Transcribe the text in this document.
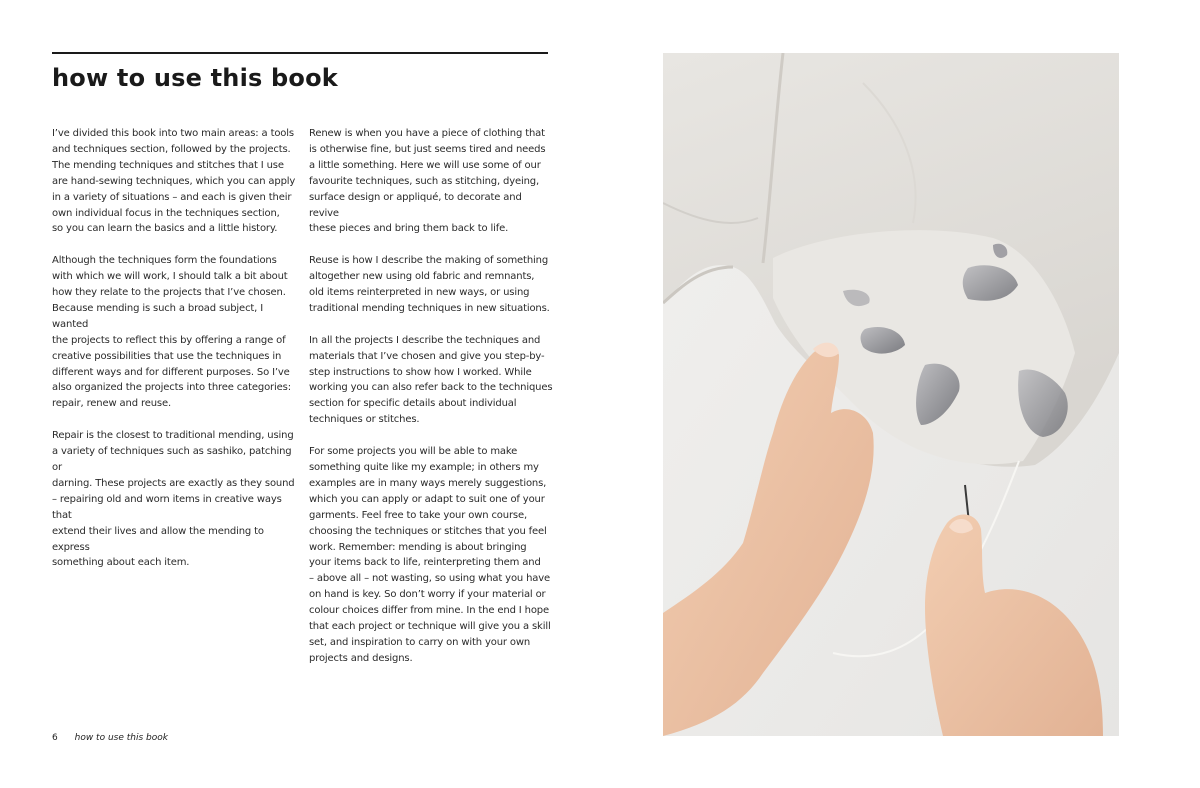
how to use this book

I’ve divided this book into two main areas: a tools
and techniques section, followed by the projects.
The mending techniques and stitches that I use
are hand-sewing techniques, which you can apply
in a variety of situations – and each is given their
own individual focus in the techniques section,
so you can learn the basics and a little history.

Although the techniques form the foundations
with which we will work, I should talk a bit about
how they relate to the projects that I’ve chosen.
Because mending is such a broad subject, I wanted
the projects to reflect this by offering a range of
creative possibilities that use the techniques in
different ways and for different purposes. So I’ve
also organized the projects into three categories:
repair, renew and reuse.

Repair is the closest to traditional mending, using
a variety of techniques such as sashiko, patching or
darning. These projects are exactly as they sound
– repairing old and worn items in creative ways that
extend their lives and allow the mending to express
something about each item.

Renew is when you have a piece of clothing that
is otherwise fine, but just seems tired and needs
a little something. Here we will use some of our
favourite techniques, such as stitching, dyeing,
surface design or appliqué, to decorate and revive
these pieces and bring them back to life.

Reuse is how I describe the making of something
altogether new using old fabric and remnants,
old items reinterpreted in new ways, or using
traditional mending techniques in new situations.

In all the projects I describe the techniques and
materials that I’ve chosen and give you step-by-
step instructions to show how I worked. While
working you can also refer back to the techniques
section for specific details about individual
techniques or stitches.

For some projects you will be able to make
something quite like my example; in others my
examples are in many ways merely suggestions,
which you can apply or adapt to suit one of your
garments. Feel free to take your own course,
choosing the techniques or stitches that you feel
work. Remember: mending is about bringing
your items back to life, reinterpreting them and
– above all – not wasting, so using what you have
on hand is key. So don’t worry if your material or
colour choices differ from mine. In the end I hope
that each project or technique will give you a skill
set, and inspiration to carry on with your own
projects and designs.

6 how to use this book
